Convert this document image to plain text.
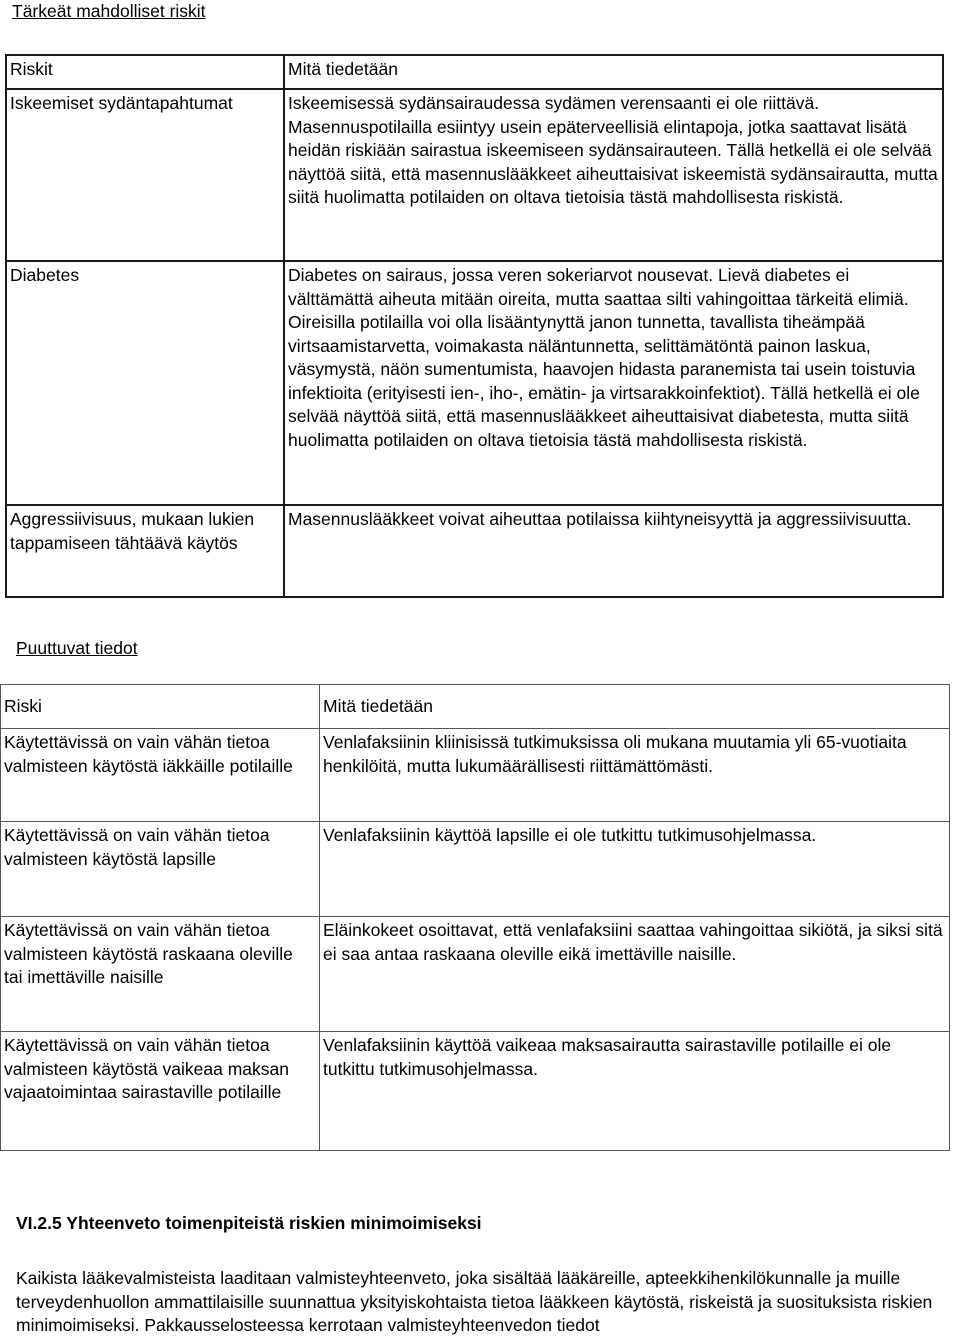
Tärkeät mahdolliset riskit
Riskit	Mitä tiedetään

Iskeemiset sydäntapahtumat	Iskeemisessä sydänsairaudessa sydämen verensaanti ei ole riittävä. Masennuspotilailla esiintyy usein epäterveellisiä elintapoja, jotka saattavat lisätä heidän riskiään sairastua iskeemiseen sydänsairauteen. Tällä hetkellä ei ole selvää näyttöä siitä, että masennuslääkkeet aiheuttaisivat iskeemistä sydänsairautta, mutta siitä huolimatta potilaiden on oltava tietoisia tästä mahdollisesta riskistä.

Diabetes	Diabetes on sairaus, jossa veren sokeriarvot nousevat. Lievä diabetes ei välttämättä aiheuta mitään oireita, mutta saattaa silti vahingoittaa tärkeitä elimiä. Oireisilla potilailla voi olla lisääntynyttä janon tunnetta, tavallista tiheämpää virtsaamistarvetta, voimakasta näläntunnetta, selittämätöntä painon laskua, väsymystä, näön sumentumista, haavojen hidasta paranemista tai usein toistuvia infektioita (erityisesti ien-, iho-, emätin- ja virtsarakkoinfektiot). Tällä hetkellä ei ole selvää näyttöä siitä, että masennuslääkkeet aiheuttaisivat diabetesta, mutta siitä huolimatta potilaiden on oltava tietoisia tästä mahdollisesta riskistä.

Aggressiivisuus, mukaan lukien tappamiseen tähtäävä käytös	Masennuslääkkeet voivat aiheuttaa potilaissa kiihtyneisyyttä ja aggressiivisuutta.
Puuttuvat tiedot
Riski	Mitä tiedetään

Käytettävissä on vain vähän tietoa valmisteen käytöstä iäkkäille potilaille	Venlafaksiinin kliinisissä tutkimuksissa oli mukana muutamia yli 65-vuotiaita henkilöitä, mutta lukumäärällisesti riittämättömästi.

Käytettävissä on vain vähän tietoa valmisteen käytöstä lapsille	Venlafaksiinin käyttöä lapsille ei ole tutkittu tutkimusohjelmassa.

Käytettävissä on vain vähän tietoa valmisteen käytöstä raskaana oleville tai imettäville naisille	Eläinkokeet osoittavat, että venlafaksiini saattaa vahingoittaa sikiötä, ja siksi sitä ei saa antaa raskaana oleville eikä imettäville naisille.

Käytettävissä on vain vähän tietoa valmisteen käytöstä vaikeaa maksan vajaatoimintaa sairastaville potilaille	Venlafaksiinin käyttöä vaikeaa maksasairautta sairastaville potilaille ei ole tutkittu tutkimusohjelmassa.
VI.2.5 Yhteenveto toimenpiteistä riskien minimoimiseksi
Kaikista lääkevalmisteista laaditaan valmisteyhteenveto, joka sisältää lääkäreille, apteekkihenkilökunnalle ja muille terveydenhuollon ammattilaisille suunnattua yksityiskohtaista tietoa lääkkeen käytöstä, riskeistä ja suosituksista riskien minimoimiseksi. Pakkausselosteessa kerrotaan valmisteyhteenvedon tiedot
